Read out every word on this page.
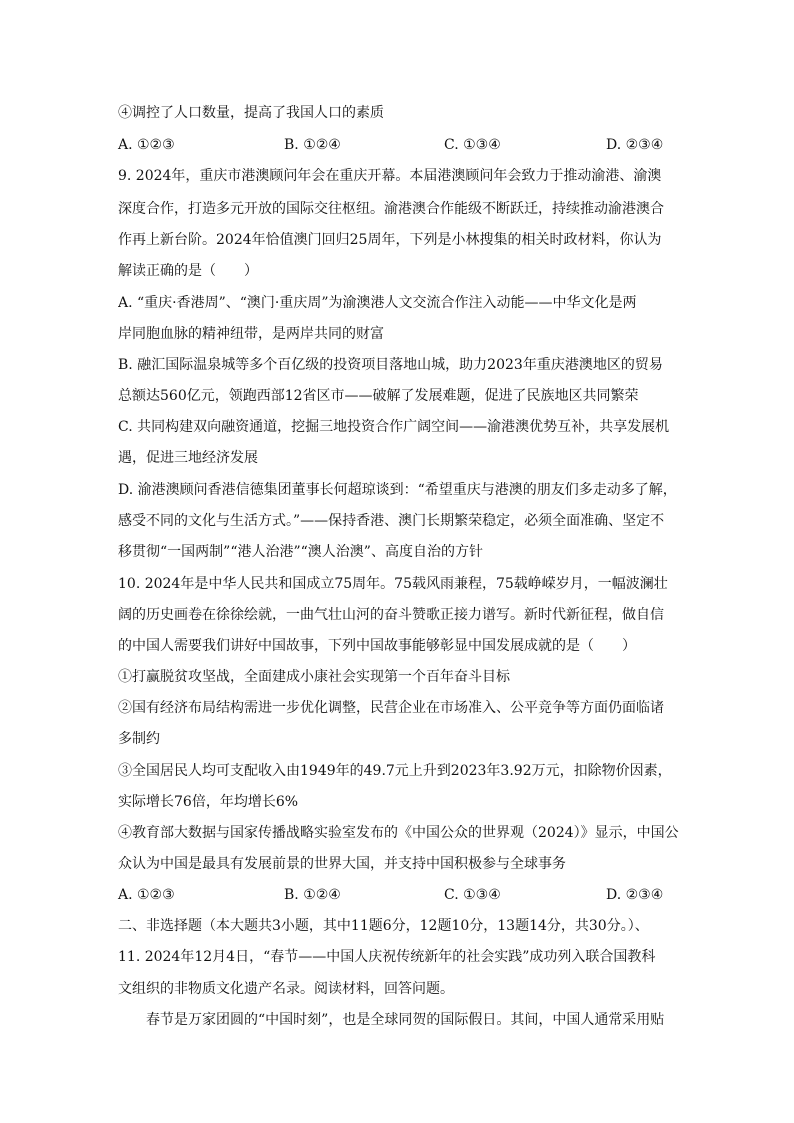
④调控了人口数量，提高了我国人口的素质
A. ①②③	B. ①②④	C. ①③④	D. ②③④
9. 2024年，重庆市港澳顾问年会在重庆开幕。本届港澳顾问年会致力于推动渝港、渝澳
深度合作，打造多元开放的国际交往枢纽。渝港澳合作能级不断跃迁，持续推动渝港澳合
作再上新台阶。2024年恰值澳门回归25周年，下列是小林搜集的相关时政材料，你认为
解读正确的是（　　）
A. “重庆·香港周”、“澳门·重庆周”为渝澳港人文交流合作注入动能——中华文化是两
岸同胞血脉的精神纽带，是两岸共同的财富
B. 融汇国际温泉城等多个百亿级的投资项目落地山城，助力2023年重庆港澳地区的贸易
总额达560亿元，领跑西部12省区市——破解了发展难题，促进了民族地区共同繁荣
C. 共同构建双向融资通道，挖掘三地投资合作广阔空间——渝港澳优势互补，共享发展机
遇，促进三地经济发展
D. 渝港澳顾问香港信德集团董事长何超琼谈到：“希望重庆与港澳的朋友们多走动多了解，
感受不同的文化与生活方式。”——保持香港、澳门长期繁荣稳定，必须全面准确、坚定不
移贯彻“一国两制”“港人治港”“澳人治澳”、高度自治的方针
10. 2024年是中华人民共和国成立75周年。75载风雨兼程，75载峥嵘岁月，一幅波澜壮
阔的历史画卷在徐徐绘就，一曲气壮山河的奋斗赞歌正接力谱写。新时代新征程，做自信
的中国人需要我们讲好中国故事，下列中国故事能够彰显中国发展成就的是（　　）
①打赢脱贫攻坚战，全面建成小康社会实现第一个百年奋斗目标
②国有经济布局结构需进一步优化调整，民营企业在市场准入、公平竞争等方面仍面临诸
多制约
③全国居民人均可支配收入由1949年的49.7元上升到2023年3.92万元，扣除物价因素，
实际增长76倍，年均增长6%
④教育部大数据与国家传播战略实验室发布的《中国公众的世界观（2024）》显示，中国公
众认为中国是最具有发展前景的世界大国，并支持中国积极参与全球事务
A. ①②③	B. ①②④	C. ①③④	D. ②③④
二、非选择题（本大题共3小题，其中11题6分，12题10分，13题14分，共30分。）、
11. 2024年12月4日，“春节——中国人庆祝传统新年的社会实践”成功列入联合国教科
文组织的非物质文化遗产名录。阅读材料，回答问题。
春节是万家团圆的“中国时刻”，也是全球同贺的国际假日。其间，中国人通常采用贴
